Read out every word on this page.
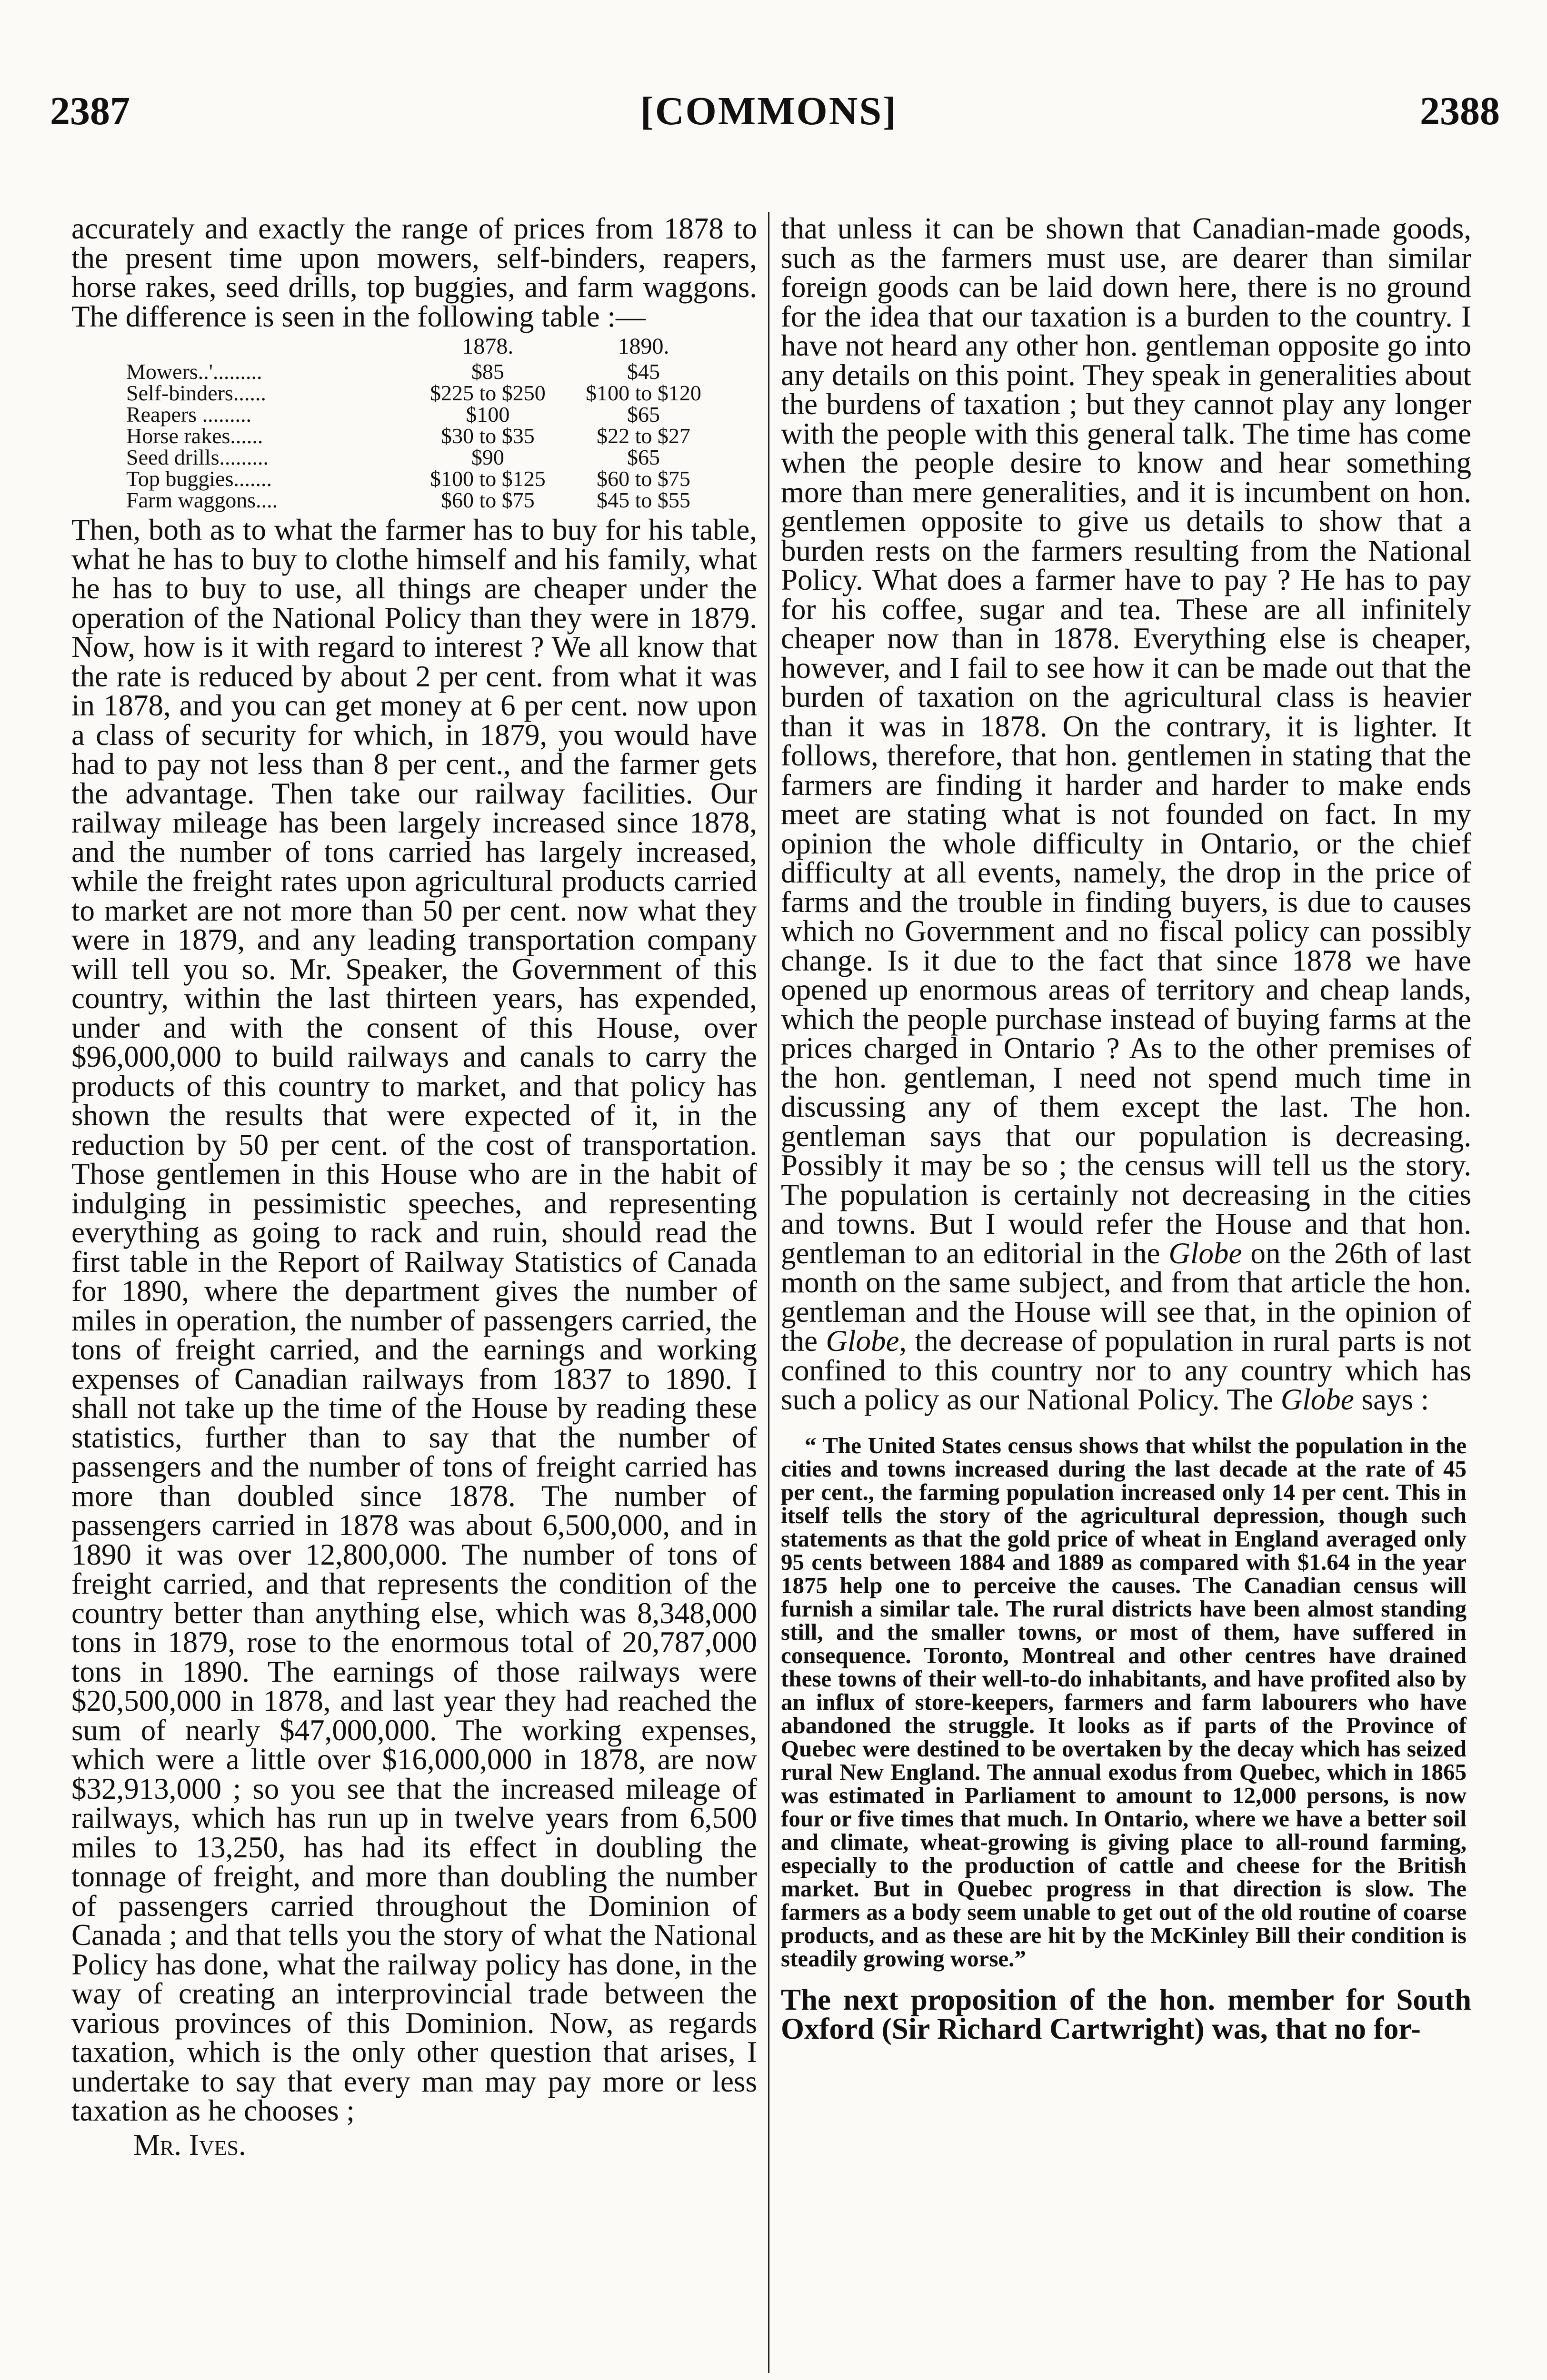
2387	[COMMONS]	2388

accurately and exactly the range of prices from 1878 to the present time upon mowers, self-binders, reapers, horse rakes, seed drills, top buggies, and farm waggons. The difference is seen in the following table :—

	1878.	1890.
Mowers..'.........	$85	$45
Self-binders......	$225 to $250	$100 to $120
Reapers .........	$100	$65
Horse rakes......	$30 to $35	$22 to $27
Seed drills.........	$90	$65
Top buggies.......	$100 to $125	$60 to $75
Farm waggons....	$60 to $75	$45 to $55

Then, both as to what the farmer has to buy for his table, what he has to buy to clothe himself and his family, what he has to buy to use, all things are cheaper under the operation of the National Policy than they were in 1879. Now, how is it with regard to interest ? We all know that the rate is reduced by about 2 per cent. from what it was in 1878, and you can get money at 6 per cent. now upon a class of security for which, in 1879, you would have had to pay not less than 8 per cent., and the farmer gets the advantage. Then take our railway facilities. Our railway mileage has been largely increased since 1878, and the number of tons carried has largely increased, while the freight rates upon agricultural products carried to market are not more than 50 per cent. now what they were in 1879, and any leading transportation company will tell you so. Mr. Speaker, the Government of this country, within the last thirteen years, has expended, under and with the consent of this House, over $96,000,000 to build railways and canals to carry the products of this country to market, and that policy has shown the results that were expected of it, in the reduction by 50 per cent. of the cost of transportation. Those gentlemen in this House who are in the habit of indulging in pessimistic speeches, and representing everything as going to rack and ruin, should read the first table in the Report of Railway Statistics of Canada for 1890, where the department gives the number of miles in operation, the number of passengers carried, the tons of freight carried, and the earnings and working expenses of Canadian railways from 1837 to 1890. I shall not take up the time of the House by reading these statistics, further than to say that the number of passengers and the number of tons of freight carried has more than doubled since 1878. The number of passengers carried in 1878 was about 6,500,000, and in 1890 it was over 12,800,000. The number of tons of freight carried, and that represents the condition of the country better than anything else, which was 8,348,000 tons in 1879, rose to the enormous total of 20,787,000 tons in 1890. The earnings of those railways were $20,500,000 in 1878, and last year they had reached the sum of nearly $47,000,000. The working expenses, which were a little over $16,000,000 in 1878, are now $32,913,000 ; so you see that the increased mileage of railways, which has run up in twelve years from 6,500 miles to 13,250, has had its effect in doubling the tonnage of freight, and more than doubling the number of passengers carried throughout the Dominion of Canada ; and that tells you the story of what the National Policy has done, what the railway policy has done, in the way of creating an interprovincial trade between the various provinces of this Dominion. Now, as regards taxation, which is the only other question that arises, I undertake to say that every man may pay more or less taxation as he chooses ;

Mr. Ives.

that unless it can be shown that Canadian-made goods, such as the farmers must use, are dearer than similar foreign goods can be laid down here, there is no ground for the idea that our taxation is a burden to the country. I have not heard any other hon. gentleman opposite go into any details on this point. They speak in generalities about the burdens of taxation ; but they cannot play any longer with the people with this general talk. The time has come when the people desire to know and hear something more than mere generalities, and it is incumbent on hon. gentlemen opposite to give us details to show that a burden rests on the farmers resulting from the National Policy. What does a farmer have to pay ? He has to pay for his coffee, sugar and tea. These are all infinitely cheaper now than in 1878. Everything else is cheaper, however, and I fail to see how it can be made out that the burden of taxation on the agricultural class is heavier than it was in 1878. On the contrary, it is lighter. It follows, therefore, that hon. gentlemen in stating that the farmers are finding it harder and harder to make ends meet are stating what is not founded on fact. In my opinion the whole difficulty in Ontario, or the chief difficulty at all events, namely, the drop in the price of farms and the trouble in finding buyers, is due to causes which no Government and no fiscal policy can possibly change. Is it due to the fact that since 1878 we have opened up enormous areas of territory and cheap lands, which the people purchase instead of buying farms at the prices charged in Ontario ? As to the other premises of the hon. gentleman, I need not spend much time in discussing any of them except the last. The hon. gentleman says that our population is decreasing. Possibly it may be so ; the census will tell us the story. The population is certainly not decreasing in the cities and towns. But I would refer the House and that hon. gentleman to an editorial in the Globe on the 26th of last month on the same subject, and from that article the hon. gentleman and the House will see that, in the opinion of the Globe, the decrease of population in rural parts is not confined to this country nor to any country which has such a policy as our National Policy. The Globe says :

“ The United States census shows that whilst the population in the cities and towns increased during the last decade at the rate of 45 per cent., the farming population increased only 14 per cent. This in itself tells the story of the agricultural depression, though such statements as that the gold price of wheat in England averaged only 95 cents between 1884 and 1889 as compared with $1.64 in the year 1875 help one to perceive the causes. The Canadian census will furnish a similar tale. The rural districts have been almost standing still, and the smaller towns, or most of them, have suffered in consequence. Toronto, Montreal and other centres have drained these towns of their well-to-do inhabitants, and have profited also by an influx of store-keepers, farmers and farm labourers who have abandoned the struggle. It looks as if parts of the Province of Quebec were destined to be overtaken by the decay which has seized rural New England. The annual exodus from Quebec, which in 1865 was estimated in Parliament to amount to 12,000 persons, is now four or five times that much. In Ontario, where we have a better soil and climate, wheat-growing is giving place to all-round farming, especially to the production of cattle and cheese for the British market. But in Quebec progress in that direction is slow. The farmers as a body seem unable to get out of the old routine of coarse products, and as these are hit by the McKinley Bill their condition is steadily growing worse.”

The next proposition of the hon. member for South Oxford (Sir Richard Cartwright) was, that no for-
